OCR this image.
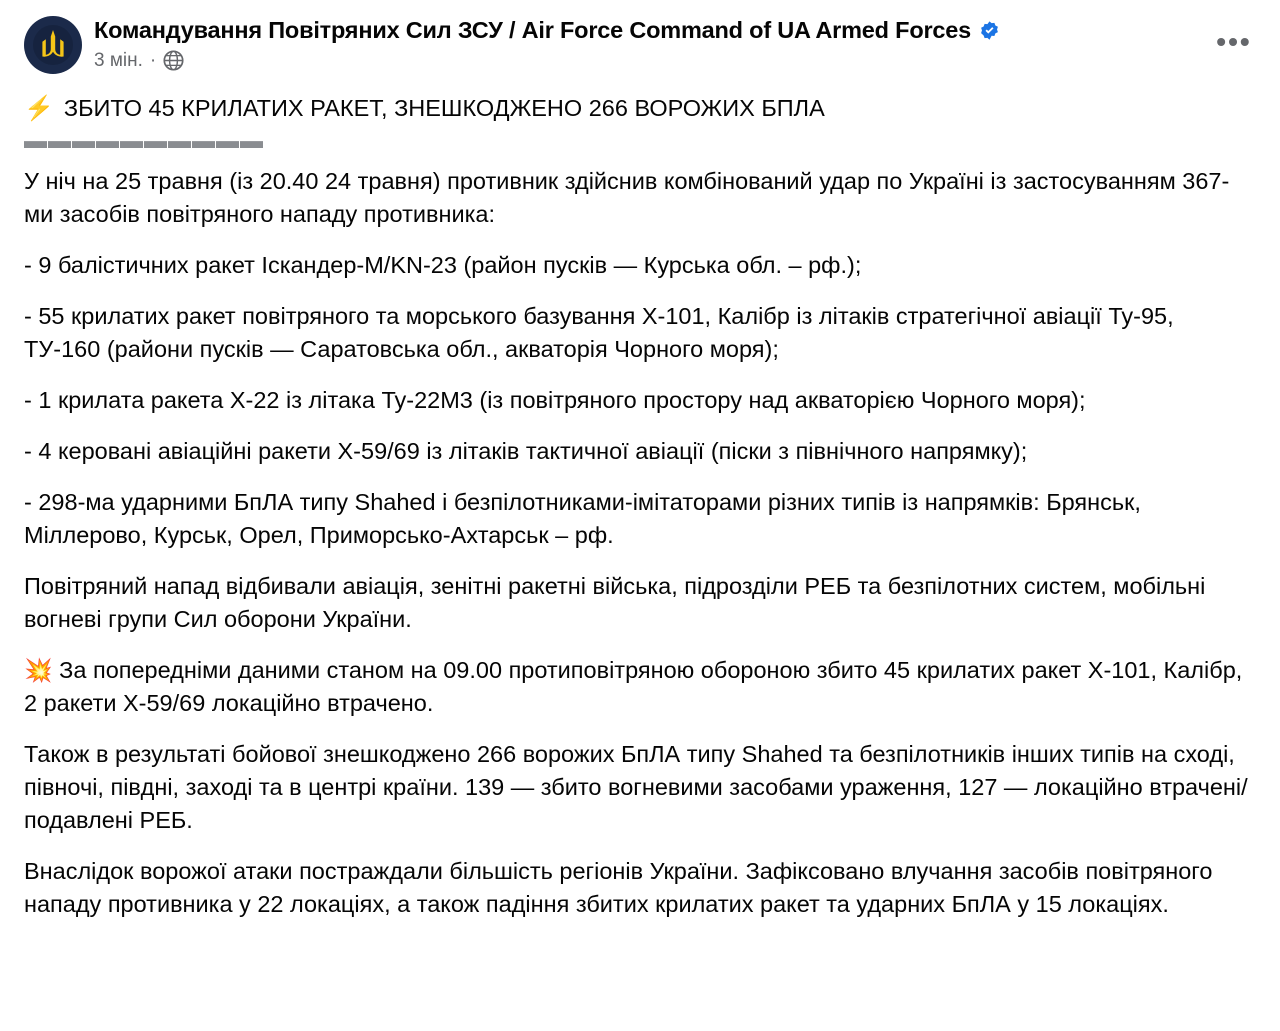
Командування Повітряних Сил ЗСУ / Air Force Command of UA Armed Forces
3 мін. ·
•••
⚡ ЗБИТО 45 КРИЛАТИХ РАКЕТ, ЗНЕШКОДЖЕНО 266 ВОРОЖИХ БПЛА
▬▬▬▬▬▬▬▬▬▬

У ніч на 25 травня (із 20.40 24 травня) противник здійснив комбінований удар по Україні із застосуванням 367-ми засобів повітряного нападу противника:

- 9 балістичних ракет Іскандер-М/KN-23 (район пусків — Курська обл. – рф.);

- 55 крилатих ракет повітряного та морського базування Х-101, Калібр із літаків стратегічної авіації Ту-95, ТУ-160 (райони пусків — Саратовська обл., акваторія Чорного моря);

- 1 крилата ракета Х-22 із літака Ту-22М3 (із повітряного простору над акваторією Чорного моря);

- 4 керовані авіаційні ракети Х-59/69 із літаків тактичної авіації (піски з північного напрямку);

- 298-ма ударними БпЛА типу Shahed і безпілотниками-імітаторами різних типів із напрямків: Брянськ, Міллерово, Курськ, Орел, Приморсько-Ахтарськ – рф.

Повітряний напад відбивали авіація, зенітні ракетні війська, підрозділи РЕБ та безпілотних систем, мобільні вогневі групи Сил оборони України.

💥 За попередніми даними станом на 09.00 протиповітряною обороною збито 45 крилатих ракет Х-101, Калібр, 2 ракети Х-59/69 локаційно втрачено.

Також в результаті бойової знешкоджено 266 ворожих БпЛА типу Shahed та безпілотників інших типів на сході, півночі, півдні, заході та в центрі країни. 139 — збито вогневими засобами ураження, 127 — локаційно втрачені/подавлені РЕБ.

Внаслідок ворожої атаки постраждали більшість регіонів України. Зафіксовано влучання засобів повітряного нападу противника у 22 локаціях, а також падіння збитих крилатих ракет та ударних БпЛА у 15 локаціях.
